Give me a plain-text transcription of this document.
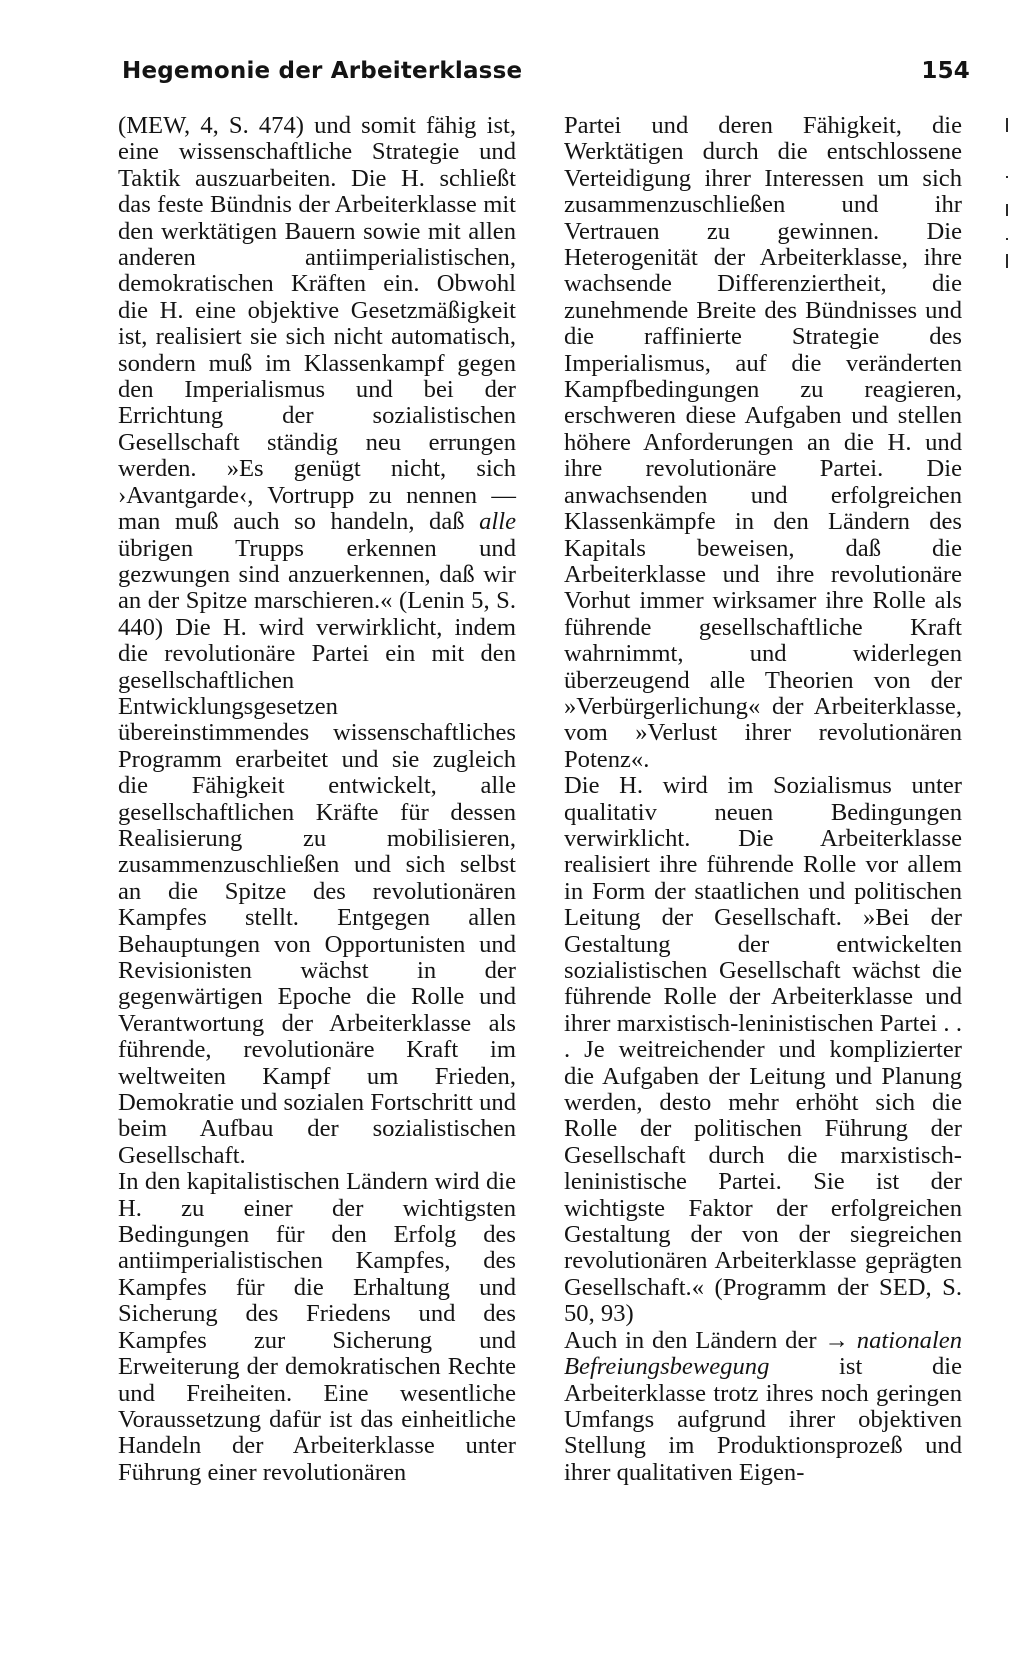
Hegemonie der Arbeiterklasse	154

(MEW, 4, S. 474) und somit fähig ist, eine wissenschaftliche Strategie und Taktik auszuarbeiten. Die H. schließt das feste Bündnis der Arbeiterklasse mit den werktätigen Bauern sowie mit allen anderen antiimperialistischen, demokratischen Kräften ein. Obwohl die H. eine objektive Gesetzmäßigkeit ist, realisiert sie sich nicht automatisch, sondern muß im Klassenkampf gegen den Imperialismus und bei der Errichtung der sozialistischen Gesellschaft ständig neu errungen werden. »Es genügt nicht, sich ›Avantgarde‹, Vortrupp zu nennen — man muß auch so handeln, daß alle übrigen Trupps erkennen und gezwungen sind anzuerkennen, daß wir an der Spitze marschieren.« (Lenin 5, S. 440) Die H. wird verwirklicht, indem die revolutionäre Partei ein mit den gesellschaftlichen Entwicklungsgesetzen übereinstimmendes wissenschaftliches Programm erarbeitet und sie zugleich die Fähigkeit entwickelt, alle gesellschaftlichen Kräfte für dessen Realisierung zu mobilisieren, zusammenzuschließen und sich selbst an die Spitze des revolutionären Kampfes stellt. Entgegen allen Behauptungen von Opportunisten und Revisionisten wächst in der gegenwärtigen Epoche die Rolle und Verantwortung der Arbeiterklasse als führende, revolutionäre Kraft im weltweiten Kampf um Frieden, Demokratie und sozialen Fortschritt und beim Aufbau der sozialistischen Gesellschaft.

In den kapitalistischen Ländern wird die H. zu einer der wichtigsten Bedingungen für den Erfolg des antiimperialistischen Kampfes, des Kampfes für die Erhaltung und Sicherung des Friedens und des Kampfes zur Sicherung und Erweiterung der demokratischen Rechte und Freiheiten. Eine wesentliche Voraussetzung dafür ist das einheitliche Handeln der Arbeiterklasse unter Führung einer revolutionären

Partei und deren Fähigkeit, die Werktätigen durch die entschlossene Verteidigung ihrer Interessen um sich zusammenzuschließen und ihr Vertrauen zu gewinnen. Die Heterogenität der Arbeiterklasse, ihre wachsende Differenziertheit, die zunehmende Breite des Bündnisses und die raffinierte Strategie des Imperialismus, auf die veränderten Kampfbedingungen zu reagieren, erschweren diese Aufgaben und stellen höhere Anforderungen an die H. und ihre revolutionäre Partei. Die anwachsenden und erfolgreichen Klassenkämpfe in den Ländern des Kapitals beweisen, daß die Arbeiterklasse und ihre revolutionäre Vorhut immer wirksamer ihre Rolle als führende gesellschaftliche Kraft wahrnimmt, und widerlegen überzeugend alle Theorien von der »Verbürgerlichung« der Arbeiterklasse, vom »Verlust ihrer revolutionären Potenz«.

Die H. wird im Sozialismus unter qualitativ neuen Bedingungen verwirklicht. Die Arbeiterklasse realisiert ihre führende Rolle vor allem in Form der staatlichen und politischen Leitung der Gesellschaft. »Bei der Gestaltung der entwickelten sozialistischen Gesellschaft wächst die führende Rolle der Arbeiterklasse und ihrer marxistisch-leninistischen Partei . . . Je weitreichender und komplizierter die Aufgaben der Leitung und Planung werden, desto mehr erhöht sich die Rolle der politischen Führung der Gesellschaft durch die marxistisch-leninistische Partei. Sie ist der wichtigste Faktor der erfolgreichen Gestaltung der von der siegreichen revolutionären Arbeiterklasse geprägten Gesellschaft.« (Programm der SED, S. 50, 93)

Auch in den Ländern der → nationalen Befreiungsbewegung ist die Arbeiterklasse trotz ihres noch geringen Umfangs aufgrund ihrer objektiven Stellung im Produktionsprozeß und ihrer qualitativen Eigen-
